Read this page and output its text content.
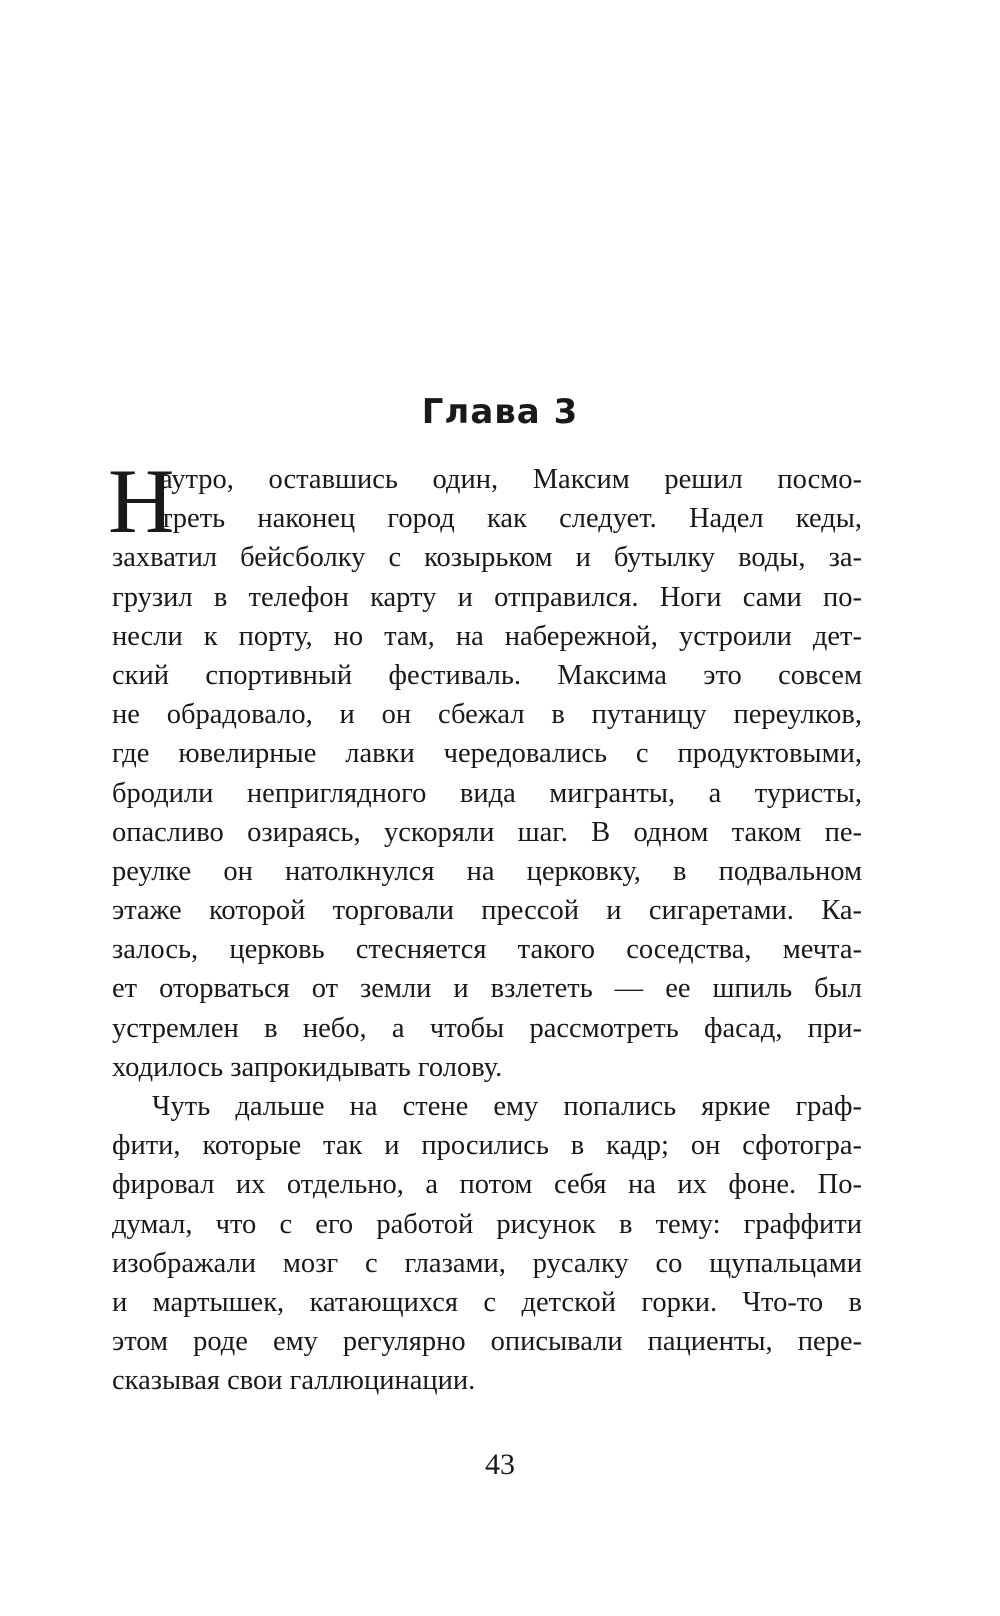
Глава 3
Н
аутро, оставшись один, Максим решил посмо-
треть наконец город как следует. Надел кеды,
захватил бейсболку с козырьком и бутылку воды, за-
грузил в телефон карту и отправился. Ноги сами по-
несли к порту, но там, на набережной, устроили дет-
ский спортивный фестиваль. Максима это совсем
не обрадовало, и он сбежал в путаницу переулков,
где ювелирные лавки чередовались с продуктовыми,
бродили неприглядного вида мигранты, а туристы,
опасливо озираясь, ускоряли шаг. В одном таком пе-
реулке он натолкнулся на церковку, в подвальном
этаже которой торговали прессой и сигаретами. Ка-
залось, церковь стесняется такого соседства, мечта-
ет оторваться от земли и взлететь — ее шпиль был
устремлен в небо, а чтобы рассмотреть фасад, при-
ходилось запрокидывать голову.
Чуть дальше на стене ему попались яркие граф-
фити, которые так и просились в кадр; он сфотогра-
фировал их отдельно, а потом себя на их фоне. По-
думал, что с его работой рисунок в тему: граффити
изображали мозг с глазами, русалку со щупальцами
и мартышек, катающихся с детской горки. Что-то в
этом роде ему регулярно описывали пациенты, пере-
сказывая свои галлюцинации.
43
